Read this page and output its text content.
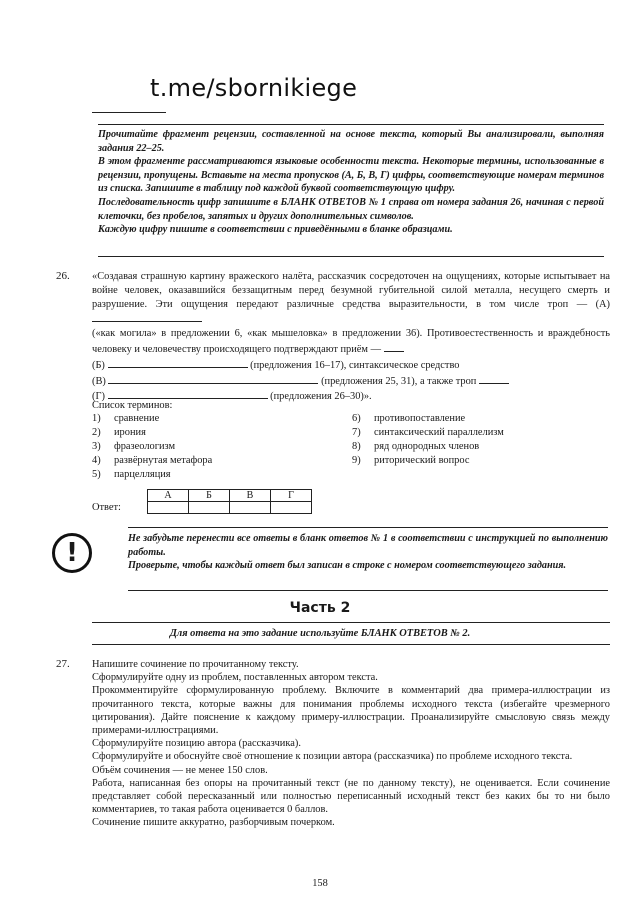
t.me/sbornikiege

Прочитайте фрагмент рецензии, составленной на основе текста, который Вы анализировали, выполняя задания 22–25.

В этом фрагменте рассматриваются языковые особенности текста. Некоторые термины, использованные в рецензии, пропущены. Вставьте на места пропусков (А, Б, В, Г) цифры, соответствующие номерам терминов из списка. Запишите в таблицу под каждой буквой соответствующую цифру.

Последовательность цифр запишите в БЛАНК ОТВЕТОВ № 1 справа от номера задания 26, начиная с первой клеточки, без пробелов, запятых и других дополнительных символов.

Каждую цифру пишите в соответствии с приведёнными в бланке образцами.

26. «Создавая страшную картину вражеского налёта, рассказчик сосредоточен на ощущениях, которые испытывает на войне человек, оказавшийся беззащитным перед безумной губительной силой металла, несущего смерть и разрушение. Эти ощущения передают различные средства выразительности, в том числе троп — (А)

(«как могила» в предложении 6, «как мышеловка» в предложении 36). Противоестественность и враждебность человеку и человечеству происходящего подтверждают приём —

(Б)	(предложения 16–17), синтаксическое средство

(В)	(предложения 25, 31), а также троп

(Г)	(предложения 26–30)».

Список терминов:
1) сравнение
2) ирония
3) фразеологизм
4) развёрнутая метафора
5) парцелляция
6) противопоставление
7) синтаксический параллелизм
8) ряд однородных членов
9) риторический вопрос
Ответ:
А	Б	В	Г

!	Не забудьте перенести все ответы в бланк ответов № 1 в соответствии с инструкцией по выполнению работы.

Проверьте, чтобы каждый ответ был записан в строке с номером соответствующего задания.

Часть 2
Для ответа на это задание используйте БЛАНК ОТВЕТОВ № 2.
27. Напишите сочинение по прочитанному тексту.

Сформулируйте одну из проблем, поставленных автором текста.

Прокомментируйте сформулированную проблему. Включите в комментарий два примера-иллюстрации из прочитанного текста, которые важны для понимания проблемы исходного текста (избегайте чрезмерного цитирования). Дайте пояснение к каждому примеру-иллюстрации. Проанализируйте смысловую связь между примерами-иллюстрациями.

Сформулируйте позицию автора (рассказчика).

Сформулируйте и обоснуйте своё отношение к позиции автора (рассказчика) по проблеме исходного текста.

Объём сочинения — не менее 150 слов.

Работа, написанная без опоры на прочитанный текст (не по данному тексту), не оценивается. Если сочинение представляет собой пересказанный или полностью переписанный исходный текст без каких бы то ни было комментариев, то такая работа оценивается 0 баллов.

Сочинение пишите аккуратно, разборчивым почерком.

158
